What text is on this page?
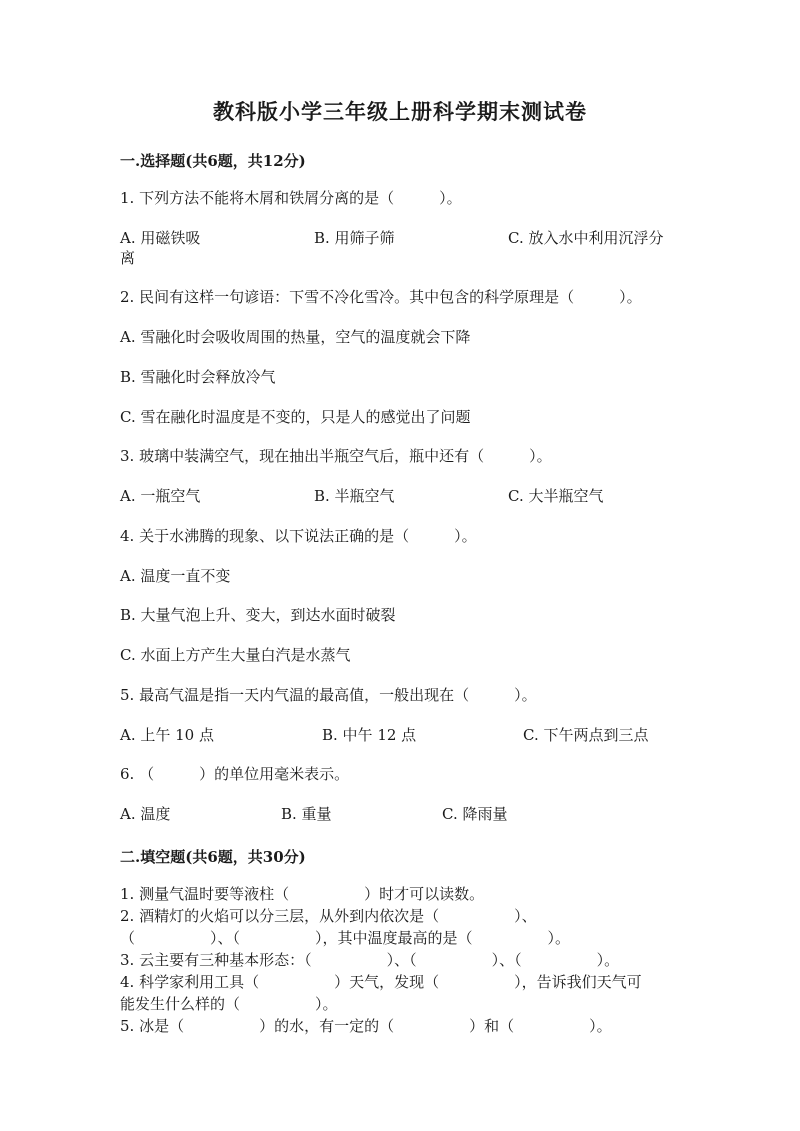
教科版小学三年级上册科学期末测试卷
一.选择题(共6题，共12分)
1. 下列方法不能将木屑和铁屑分离的是（　　　）。
A. 用磁铁吸	B. 用筛子筛	C. 放入水中利用沉浮分
离
2. 民间有这样一句谚语：下雪不冷化雪冷。其中包含的科学原理是（　　　）。
A. 雪融化时会吸收周围的热量，空气的温度就会下降
B. 雪融化时会释放冷气
C. 雪在融化时温度是不变的，只是人的感觉出了问题
3. 玻璃中装满空气，现在抽出半瓶空气后，瓶中还有（　　　）。
A. 一瓶空气	B. 半瓶空气	C. 大半瓶空气
4. 关于水沸腾的现象、以下说法正确的是（　　　）。
A. 温度一直不变
B. 大量气泡上升、变大，到达水面时破裂
C. 水面上方产生大量白汽是水蒸气
5. 最高气温是指一天内气温的最高值，一般出现在（　　　）。
A. 上午 10 点	B. 中午 12 点	C. 下午两点到三点
6. （　　　）的单位用毫米表示。
A. 温度	B. 重量	C. 降雨量
二.填空题(共6题，共30分)
1. 测量气温时要等液柱（　　　　　）时才可以读数。
2. 酒精灯的火焰可以分三层，从外到内依次是（　　　　　）、
（　　　　　）、（　　　　　），其中温度最高的是（　　　　　）。
3. 云主要有三种基本形态：（　　　　　）、（　　　　　）、（　　　　　）。
4. 科学家利用工具（　　　　　）天气，发现（　　　　　），告诉我们天气可
能发生什么样的（　　　　　）。
5. 冰是（　　　　　）的水，有一定的（　　　　　）和（　　　　　）。
